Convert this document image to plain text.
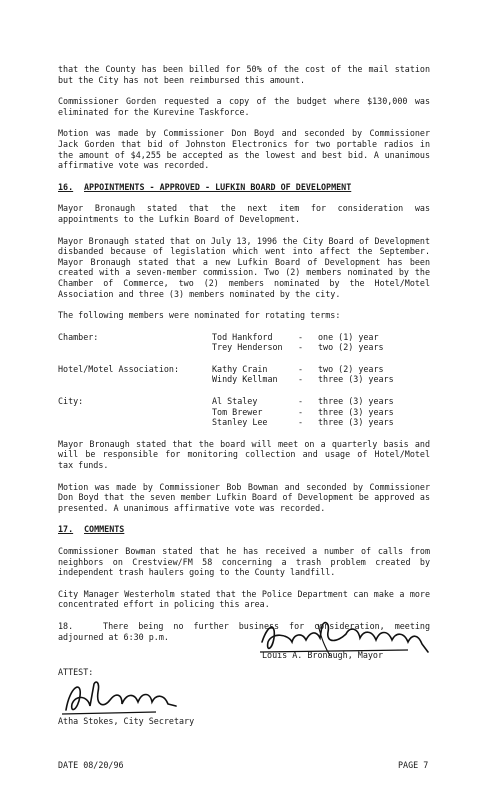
that the County has been billed for 50% of the cost of the mail station but the City has not been reimbursed this amount.

Commissioner Gorden requested a copy of the budget where $130,000 was eliminated for the Kurevine Taskforce.

Motion was made by Commissioner Don Boyd and seconded by Commissioner Jack Gorden that bid of Johnston Electronics for two portable radios in the amount of $4,255 be accepted as the lowest and best bid. A unanimous affirmative vote was recorded.

16. APPOINTMENTS - APPROVED - LUFKIN BOARD OF DEVELOPMENT

Mayor Bronaugh stated that the next item for consideration was appointments to the Lufkin Board of Development.

Mayor Bronaugh stated that on July 13, 1996 the City Board of Development disbanded because of legislation which went into affect the September. Mayor Bronaugh stated that a new Lufkin Board of Development has been created with a seven-member commission. Two (2) members nominated by the Chamber of Commerce, two (2) members nominated by the Hotel/Motel Association and three (3) members nominated by the city.

The following members were nominated for rotating terms:

Chamber:	Tod Hankford	-	one (1) year
Trey Henderson	-	two (2) years
Hotel/Motel Association:	Kathy Crain	-	two (2) years
Windy Kellman	-	three (3) years
City:	Al Staley	-	three (3) years
Tom Brewer	-	three (3) years
Stanley Lee	-	three (3) years

Mayor Bronaugh stated that the board will meet on a quarterly basis and will be responsible for monitoring collection and usage of Hotel/Motel tax funds.

Motion was made by Commissioner Bob Bowman and seconded by Commissioner Don Boyd that the seven member Lufkin Board of Development be approved as presented. A unanimous affirmative vote was recorded.

17. COMMENTS

Commissioner Bowman stated that he has received a number of calls from neighbors on Crestview/FM 58 concerning a trash problem created by independent trash haulers going to the County landfill.

City Manager Westerholm stated that the Police Department can make a more concentrated effort in policing this area.

18.   There being no further business for consideration, meeting adjourned at 6:30 p.m.

Louis A. Bronaugh, Mayor
ATTEST:
Atha Stokes, City Secretary
DATE 08/20/96	PAGE 7
